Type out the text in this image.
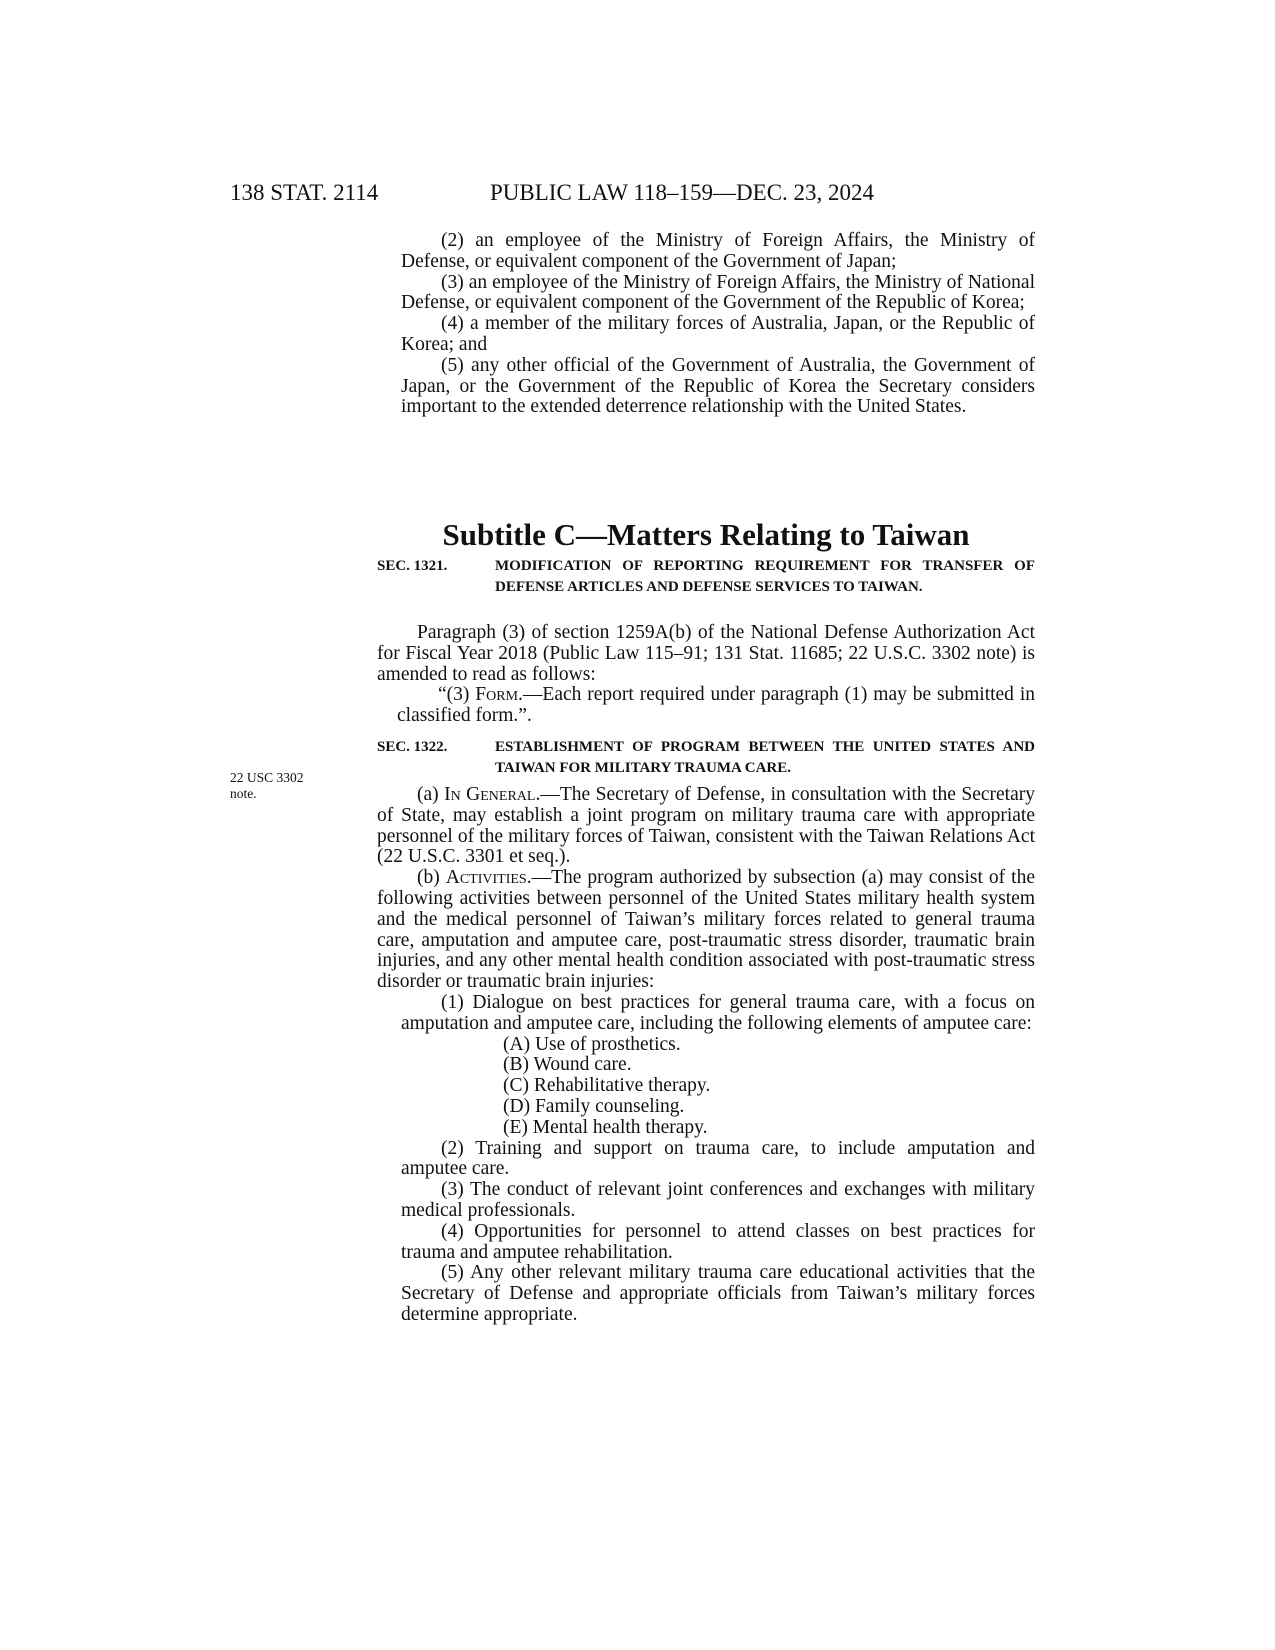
138 STAT. 2114	PUBLIC LAW 118–159—DEC. 23, 2024

(2) an employee of the Ministry of Foreign Affairs, the Ministry of Defense, or equivalent component of the Government of Japan;

(3) an employee of the Ministry of Foreign Affairs, the Ministry of National Defense, or equivalent component of the Government of the Republic of Korea;

(4) a member of the military forces of Australia, Japan, or the Republic of Korea; and

(5) any other official of the Government of Australia, the Government of Japan, or the Government of the Republic of Korea the Secretary considers important to the extended deterrence relationship with the United States.

Subtitle C—Matters Relating to Taiwan
SEC. 1321.	MODIFICATION OF REPORTING REQUIREMENT FOR TRANSFER OF DEFENSE ARTICLES AND DEFENSE SERVICES TO TAIWAN.

Paragraph (3) of section 1259A(b) of the National Defense Authorization Act for Fiscal Year 2018 (Public Law 115–91; 131 Stat. 11685; 22 U.S.C. 3302 note) is amended to read as follows:

“(3) Form.—Each report required under paragraph (1) may be submitted in classified form.”.

22 USC 3302 note.
SEC. 1322.	ESTABLISHMENT OF PROGRAM BETWEEN THE UNITED STATES AND TAIWAN FOR MILITARY TRAUMA CARE.

(a) In General.—The Secretary of Defense, in consultation with the Secretary of State, may establish a joint program on military trauma care with appropriate personnel of the military forces of Taiwan, consistent with the Taiwan Relations Act (22 U.S.C. 3301 et seq.).

(b) Activities.—The program authorized by subsection (a) may consist of the following activities between personnel of the United States military health system and the medical personnel of Taiwan’s military forces related to general trauma care, amputation and amputee care, post-traumatic stress disorder, traumatic brain injuries, and any other mental health condition associated with post-traumatic stress disorder or traumatic brain injuries:

(1) Dialogue on best practices for general trauma care, with a focus on amputation and amputee care, including the following elements of amputee care:

(A) Use of prosthetics.

(B) Wound care.

(C) Rehabilitative therapy.

(D) Family counseling.

(E) Mental health therapy.

(2) Training and support on trauma care, to include amputation and amputee care.

(3) The conduct of relevant joint conferences and exchanges with military medical professionals.

(4) Opportunities for personnel to attend classes on best practices for trauma and amputee rehabilitation.

(5) Any other relevant military trauma care educational activities that the Secretary of Defense and appropriate officials from Taiwan’s military forces determine appropriate.
